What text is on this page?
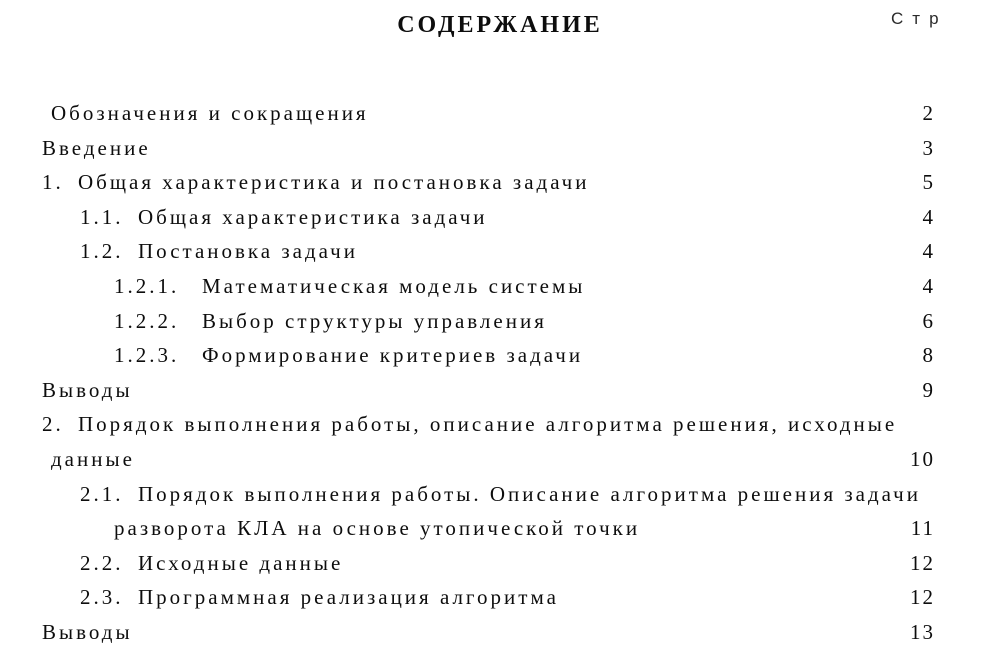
СОДЕРЖАНИЕ	Стр
Обозначения и сокращения	2
Введение	3
1. Общая характеристика и постановка задачи	5
1.1. Общая характеристика задачи	4
1.2. Постановка задачи	4
1.2.1. Математическая модель системы	4
1.2.2. Выбор структуры управления	6
1.2.3. Формирование критериев задачи	8
Выводы	9
2. Порядок выполнения работы, описание алгоритма решения, исходные
данные	10
2.1. Порядок выполнения работы. Описание алгоритма решения задачи
разворота КЛА на основе утопической точки	11
2.2. Исходные данные	12
2.3. Программная реализация алгоритма	12
Выводы	13
